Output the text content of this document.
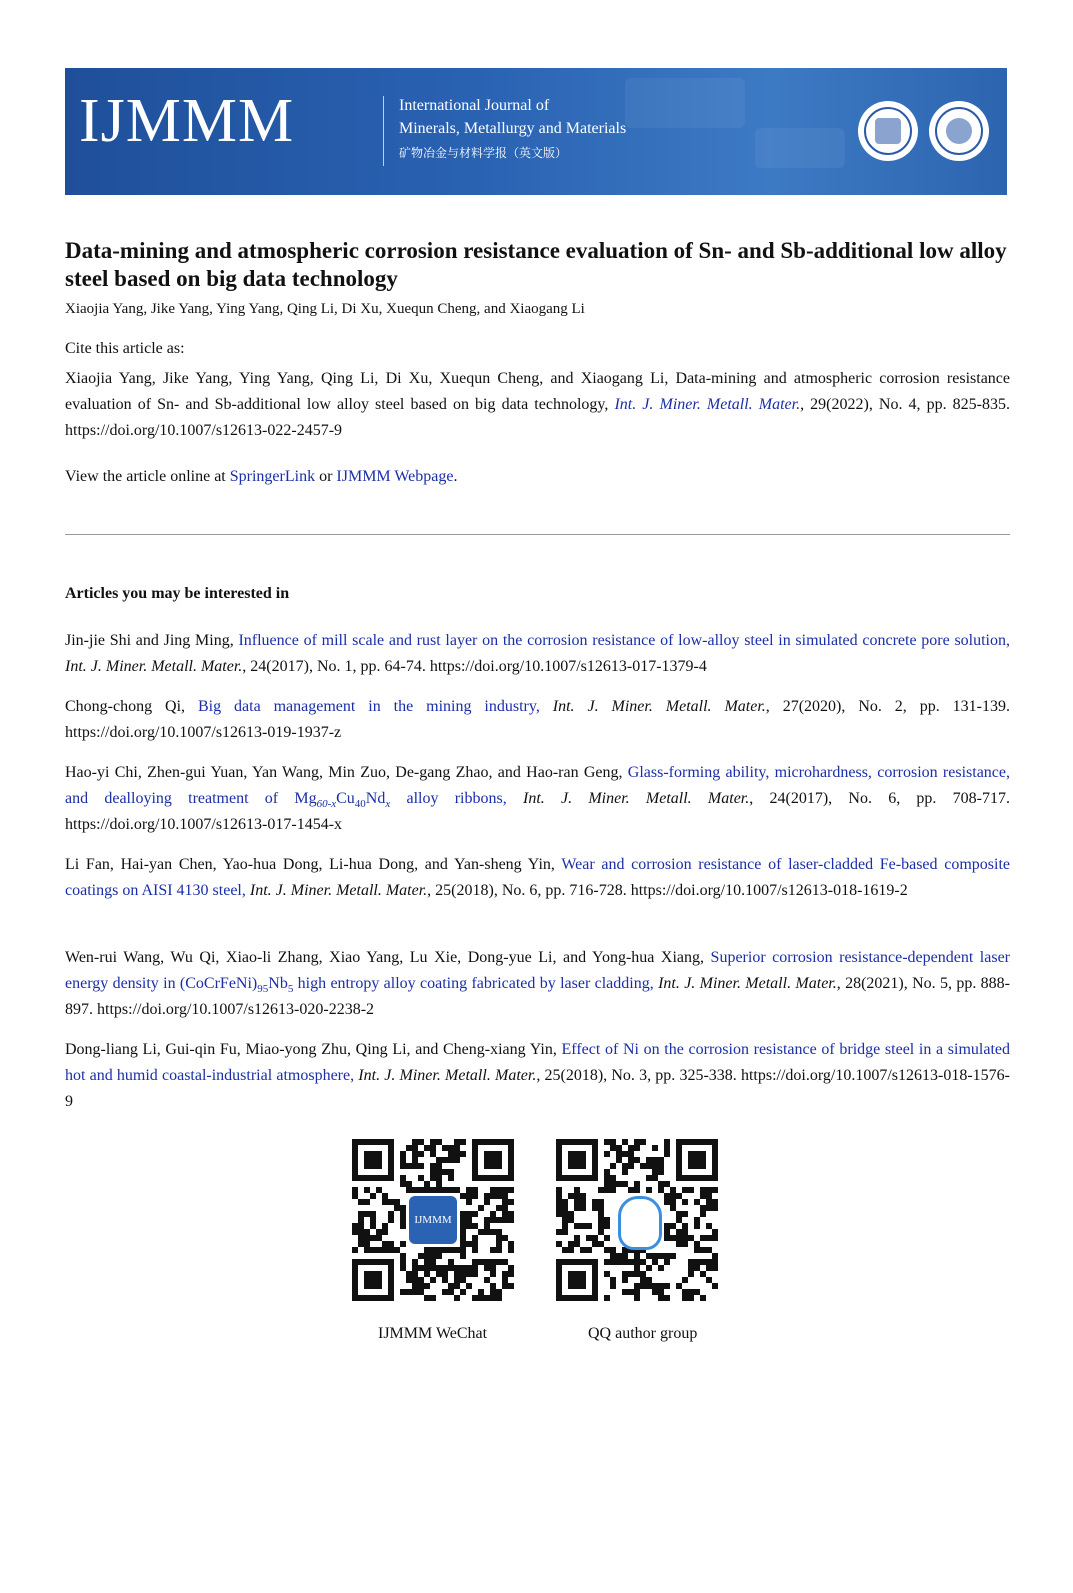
IJMMM	International Journal of
Minerals, Metallurgy and Materials
矿物冶金与材料学报（英文版）
Data-mining and atmospheric corrosion resistance evaluation of Sn- and Sb-additional low alloy steel based on big data technology
Xiaojia Yang, Jike Yang, Ying Yang, Qing Li, Di Xu, Xuequn Cheng, and Xiaogang Li
Cite this article as:
Xiaojia Yang, Jike Yang, Ying Yang, Qing Li, Di Xu, Xuequn Cheng, and Xiaogang Li, Data-mining and atmospheric corrosion resistance evaluation of Sn- and Sb-additional low alloy steel based on big data technology, Int. J. Miner. Metall. Mater., 29(2022), No. 4, pp. 825-835. https://doi.org/10.1007/s12613-022-2457-9
View the article online at SpringerLink or IJMMM Webpage.
Articles you may be interested in
Jin-jie Shi and Jing Ming, Influence of mill scale and rust layer on the corrosion resistance of low-alloy steel in simulated concrete pore solution, Int. J. Miner. Metall. Mater., 24(2017), No. 1, pp. 64-74. https://doi.org/10.1007/s12613-017-1379-4
Chong-chong Qi, Big data management in the mining industry, Int. J. Miner. Metall. Mater., 27(2020), No. 2, pp. 131-139. https://doi.org/10.1007/s12613-019-1937-z
Hao-yi Chi, Zhen-gui Yuan, Yan Wang, Min Zuo, De-gang Zhao, and Hao-ran Geng, Glass-forming ability, microhardness, corrosion resistance, and dealloying treatment of $Mg_{60-x}Cu_{40}Nd_x$ alloy ribbons, Int. J. Miner. Metall. Mater., 24(2017), No. 6, pp. 708-717. https://doi.org/10.1007/s12613-017-1454-x
Li Fan, Hai-yan Chen, Yao-hua Dong, Li-hua Dong, and Yan-sheng Yin, Wear and corrosion resistance of laser-cladded Fe-based composite coatings on AISI 4130 steel, Int. J. Miner. Metall. Mater., 25(2018), No. 6, pp. 716-728. https://doi.org/10.1007/s12613-018-1619-2
Wen-rui Wang, Wu Qi, Xiao-li Zhang, Xiao Yang, Lu Xie, Dong-yue Li, and Yong-hua Xiang, Superior corrosion resistance-dependent laser energy density in $(CoCrFeNi)_{95}Nb_5$ high entropy alloy coating fabricated by laser cladding, Int. J. Miner. Metall. Mater., 28(2021), No. 5, pp. 888-897. https://doi.org/10.1007/s12613-020-2238-2
Dong-liang Li, Gui-qin Fu, Miao-yong Zhu, Qing Li, and Cheng-xiang Yin, Effect of Ni on the corrosion resistance of bridge steel in a simulated hot and humid coastal-industrial atmosphere, Int. J. Miner. Metall. Mater., 25(2018), No. 3, pp. 325-338. https://doi.org/10.1007/s12613-018-1576-9
IJMMM
IJMMM WeChat	QQ author group
